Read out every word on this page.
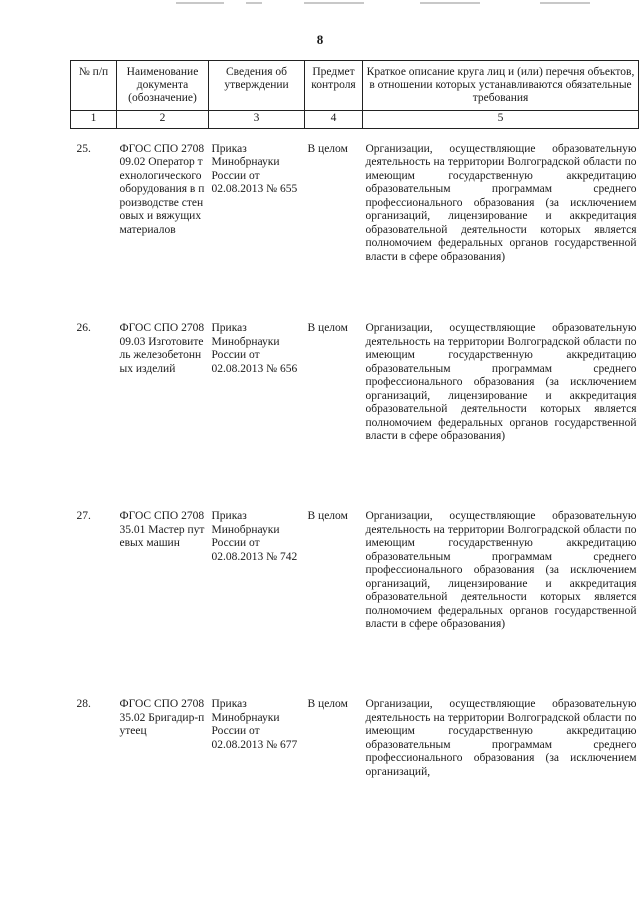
8
№ п/п	Наименование документа (обозначение)	Сведения об утверждении	Предмет контроля	Краткое описание круга лиц и (или) перечня объектов, в отношении которых устанавливаются обязательные требования
1	2	3	4	5
25.	ФГОС СПО 270809.02 Оператор технологического оборудования в производстве стеновых и вяжущих материалов	Приказ Минобрнауки России от 02.08.2013 № 655	В целом	Организации, осуществляющие образовательную деятельность на территории Волгоградской области по имеющим государственную аккредитацию образовательным программам среднего профессионального образования (за исключением организаций, лицензирование и аккредитация образовательной деятельности которых является полномочием федеральных органов государственной власти в сфере образования)
26.	ФГОС СПО 270809.03 Изготовитель железобетонных изделий	Приказ Минобрнауки России от 02.08.2013 № 656	В целом	Организации, осуществляющие образовательную деятельность на территории Волгоградской области по имеющим государственную аккредитацию образовательным программам среднего профессионального образования (за исключением организаций, лицензирование и аккредитация образовательной деятельности которых является полномочием федеральных органов государственной власти в сфере образования)
27.	ФГОС СПО 270835.01 Мастер путевых машин	Приказ Минобрнауки России от 02.08.2013 № 742	В целом	Организации, осуществляющие образовательную деятельность на территории Волгоградской области по имеющим государственную аккредитацию образовательным программам среднего профессионального образования (за исключением организаций, лицензирование и аккредитация образовательной деятельности которых является полномочием федеральных органов государственной власти в сфере образования)
28.	ФГОС СПО 270835.02 Бригадир-путеец	Приказ Минобрнауки России от 02.08.2013 № 677	В целом	Организации, осуществляющие образовательную деятельность на территории Волгоградской области по имеющим государственную аккредитацию образовательным программам среднего профессионального образования (за исключением организаций,
